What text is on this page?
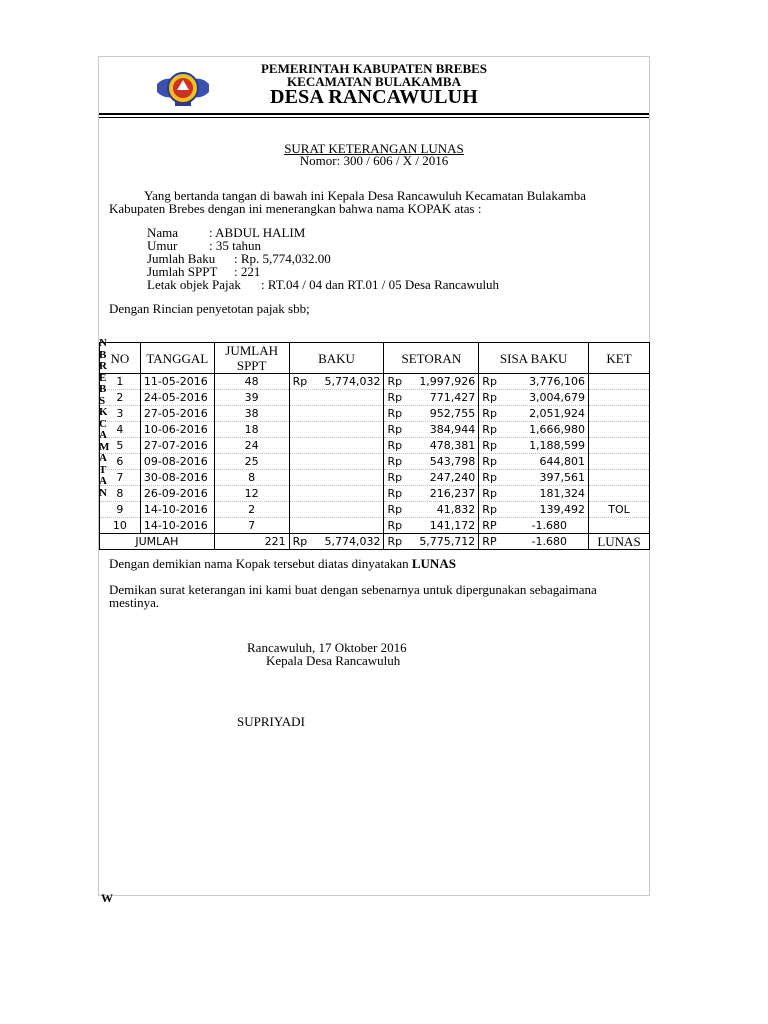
PEMERINTAH KABUPATEN BREBES
KECAMATAN BULAKAMBA
DESA RANCAWULUH
SURAT KETERANGAN LUNAS
Nomor: 300 / 606 / X / 2016
Yang bertanda tangan di bawah ini Kepala Desa Rancawuluh Kecamatan Bulakamba
Kabupaten Brebes dengan ini menerangkan bahwa nama KOPAK atas :
Nama : ABDUL HALIM
Umur : 35 tahun
Jumlah Baku : Rp. 5,774,032.00
Jumlah SPPT : 221
Letak objek Pajak : RT.04 / 04 dan RT.01 / 05 Desa Rancawuluh
Dengan Rincian penyetotan pajak sbb;
NO	TANGGAL	JUMLAH
SPPT	BAKU	SETORAN	SISA BAKU	KET
1	11-05-2016	48	Rp 5,774,032	Rp 1,997,926	Rp 3,776,106	

2	24-05-2016	39		Rp 771,427	Rp 3,004,679	

3	27-05-2016	38		Rp 952,755	Rp 2,051,924	

4	10-06-2016	18		Rp 384,944	Rp 1,666,980	

5	27-07-2016	24		Rp 478,381	Rp 1,188,599	

6	09-08-2016	25		Rp 543,798	Rp 644,801	

7	30-08-2016	8		Rp 247,240	Rp 397,561	

8	26-09-2016	12		Rp 216,237	Rp 181,324	

9	14-10-2016	2		Rp 41,832	Rp 139,492	TOL
10	14-10-2016	7		Rp 141,172	RP -1.680	

JUMLAH		221	Rp 5,774,032	Rp 5,775,712	RP -1.680	LUNAS
Dengan demikian nama Kopak tersebut diatas dinyatakan LUNAS
Demikan surat keterangan ini kami buat dengan sebenarnya untuk dipergunakan sebagaimana
mestinya.
Rancawuluh, 17 Oktober 2016
Kepala Desa Rancawuluh
SUPRIYADI
N
B
R
E
B
S
K
C
A
M
A
T
A
N
W
